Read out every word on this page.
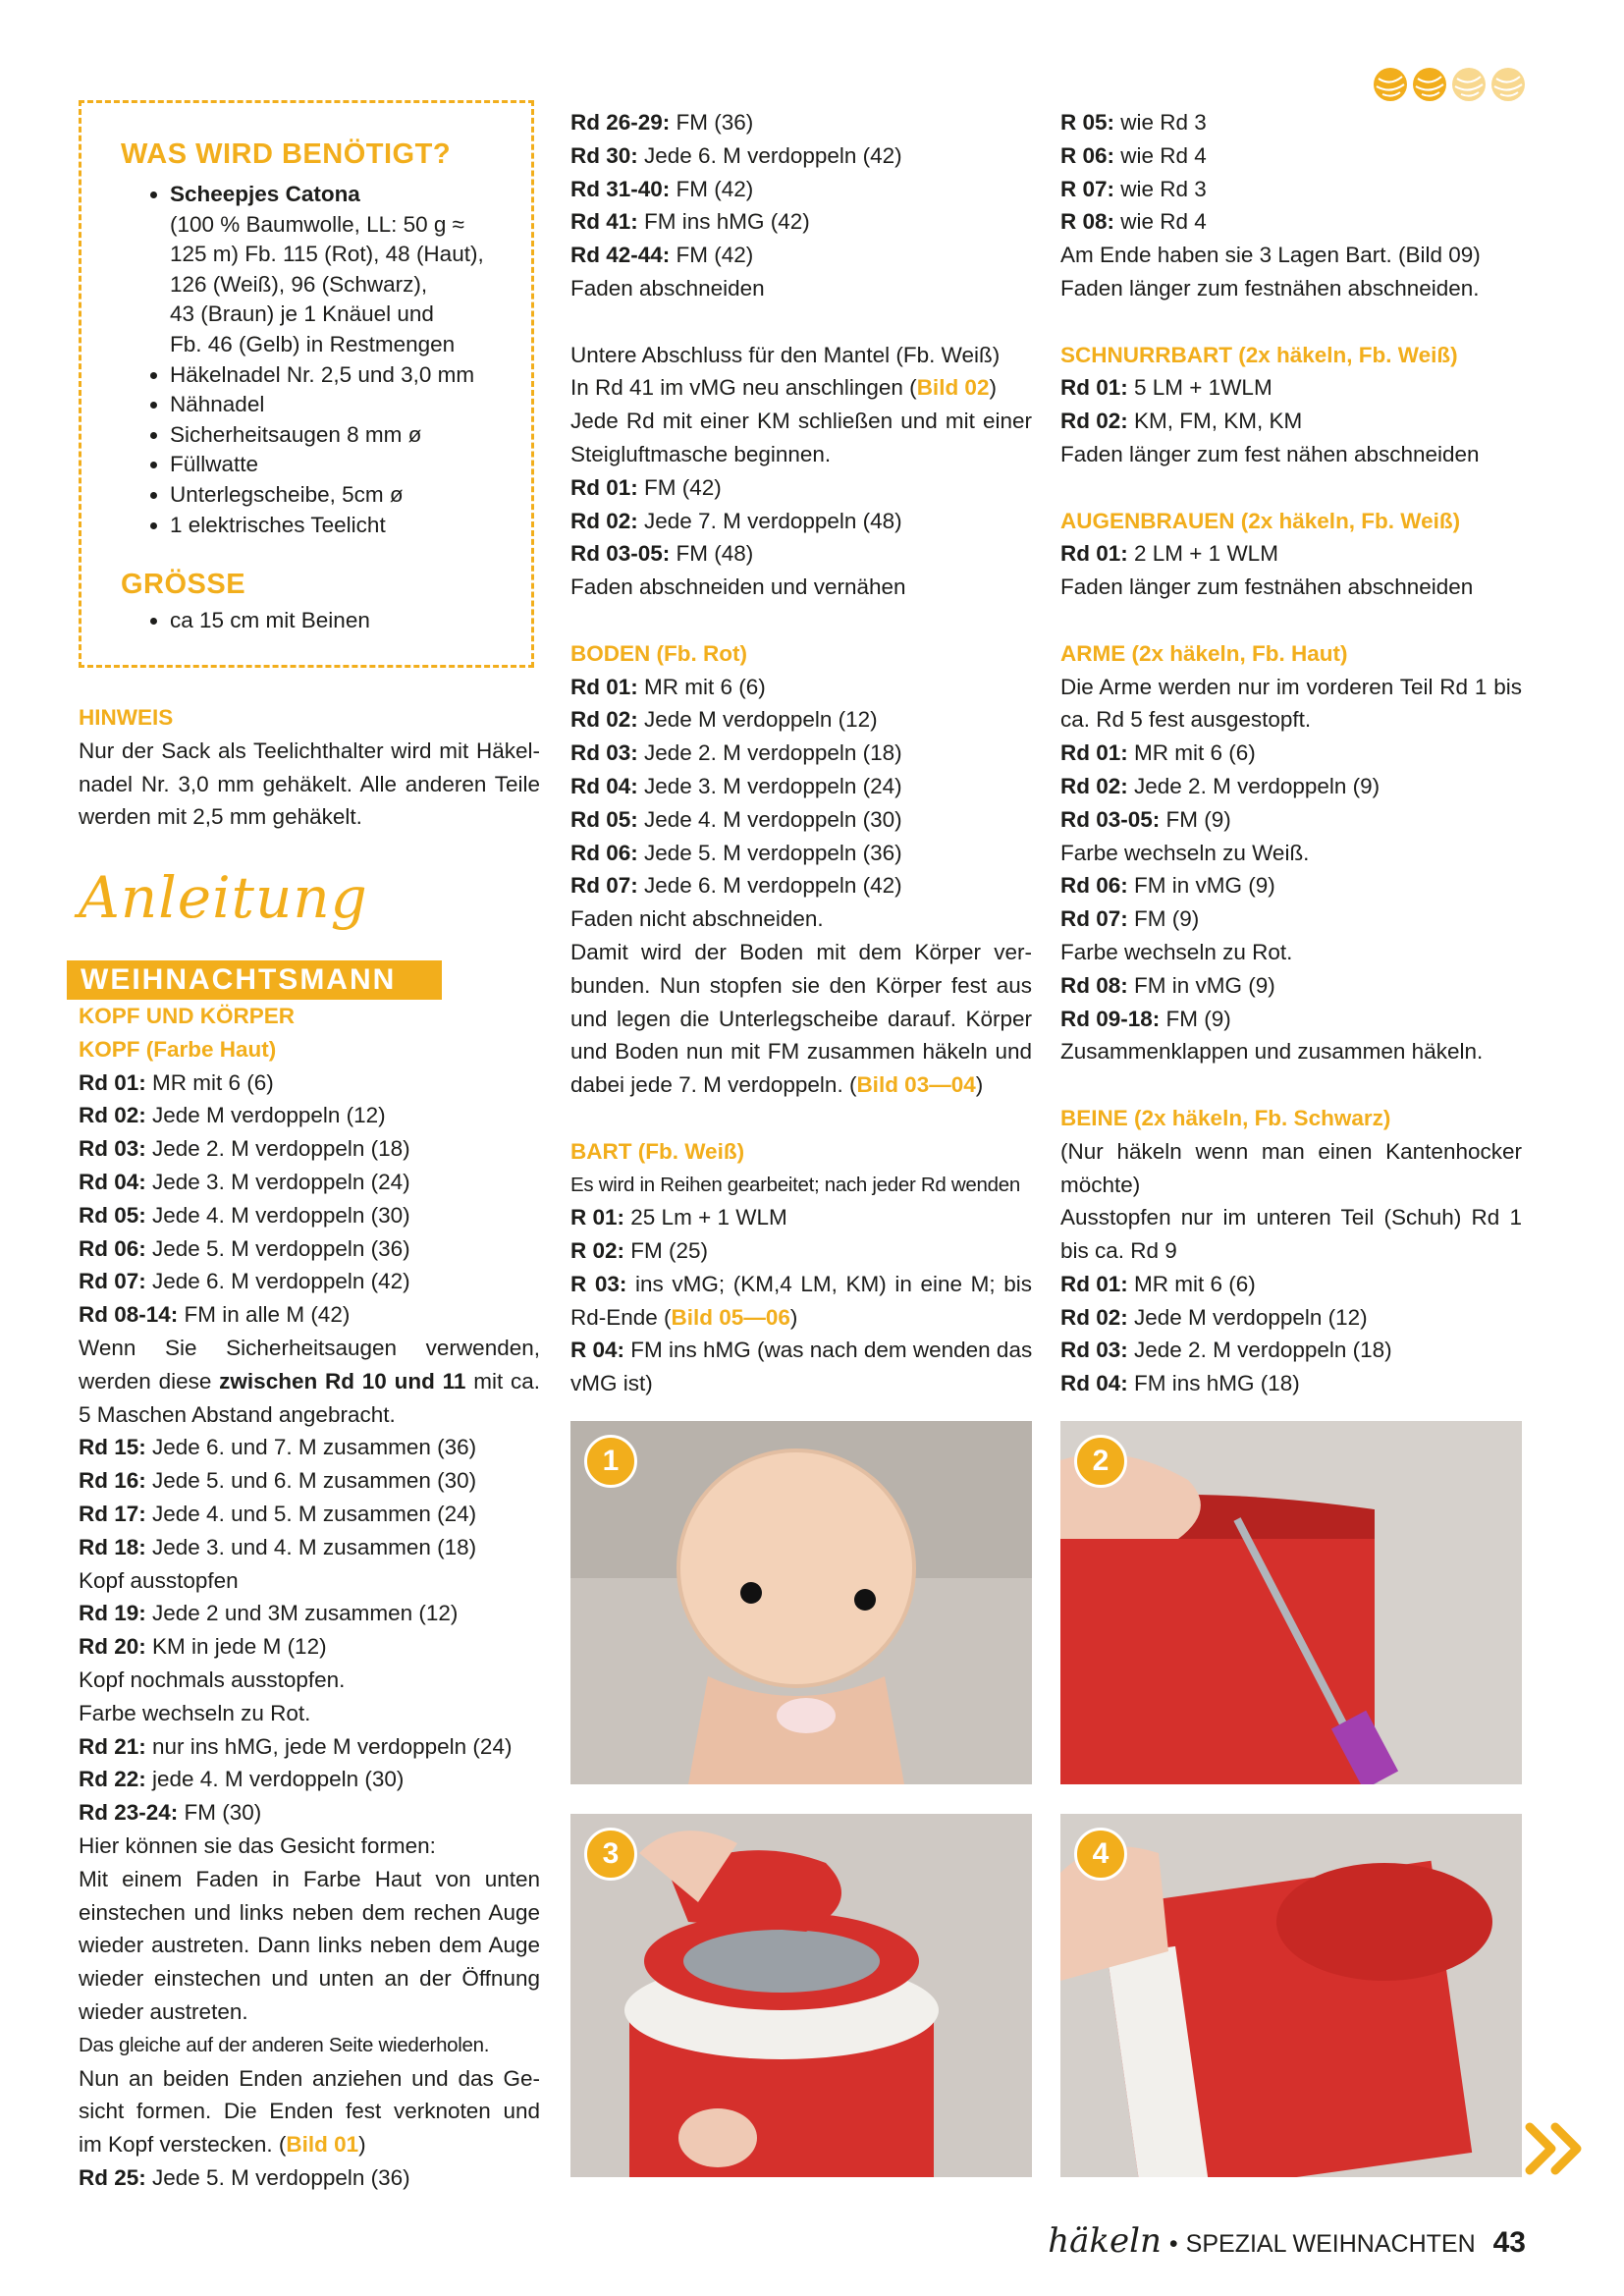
WAS WIRD BENÖTIGT?
• Scheepjes Catona
(100 % Baumwolle, LL: 50 g ≈
125 m) Fb. 115 (Rot), 48 (Haut),
126 (Weiß), 96 (Schwarz),
43 (Braun) je 1 Knäuel und
Fb. 46 (Gelb) in Restmengen
• Häkelnadel Nr. 2,5 und 3,0 mm
• Nähnadel
• Sicherheitsaugen 8 mm ø
• Füllwatte
• Unterlegscheibe, 5cm ø
• 1 elektrisches Teelicht
GRÖSSE
• ca 15 cm mit Beinen
HINWEIS
Nur der Sack als Teelichthalter wird mit Häkel-
nadel Nr. 3,0 mm gehäkelt. Alle anderen Teile
werden mit 2,5 mm gehäkelt.
Anleitung
WEIHNACHTSMANN
KOPF UND KÖRPER
KOPF (Farbe Haut)
Rd 01: MR mit 6 (6)
Rd 02: Jede M verdoppeln (12)
Rd 03: Jede 2. M verdoppeln (18)
Rd 04: Jede 3. M verdoppeln (24)
Rd 05: Jede 4. M verdoppeln (30)
Rd 06: Jede 5. M verdoppeln (36)
Rd 07: Jede 6. M verdoppeln (42)
Rd 08-14: FM in alle M (42)
Wenn Sie Sicherheitsaugen verwenden,
werden diese zwischen Rd 10 und 11 mit ca.
5 Maschen Abstand angebracht.
Rd 15: Jede 6. und 7. M zusammen (36)
Rd 16: Jede 5. und 6. M zusammen (30)
Rd 17: Jede 4. und 5. M zusammen (24)
Rd 18: Jede 3. und 4. M zusammen (18)
Kopf ausstopfen
Rd 19: Jede 2 und 3M zusammen (12)
Rd 20: KM in jede M (12)
Kopf nochmals ausstopfen.
Farbe wechseln zu Rot.
Rd 21: nur ins hMG, jede M verdoppeln (24)
Rd 22: jede 4. M verdoppeln (30)
Rd 23-24: FM (30)
Hier können sie das Gesicht formen:
Mit einem Faden in Farbe Haut von unten
einstechen und links neben dem rechen Auge
wieder austreten. Dann links neben dem Auge
wieder einstechen und unten an der Öffnung
wieder austreten.
Das gleiche auf der anderen Seite wiederholen.
Nun an beiden Enden anziehen und das Ge-
sicht formen. Die Enden fest verknoten und
im Kopf verstecken. (Bild 01)
Rd 25: Jede 5. M verdoppeln (36)
Rd 26-29: FM (36)
Rd 30: Jede 6. M verdoppeln (42)
Rd 31-40: FM (42)
Rd 41: FM ins hMG (42)
Rd 42-44: FM (42)
Faden abschneiden
Untere Abschluss für den Mantel (Fb. Weiß)
In Rd 41 im vMG neu anschlingen (Bild 02)
Jede Rd mit einer KM schließen und mit einer
Steigluftmasche beginnen.
Rd 01: FM (42)
Rd 02: Jede 7. M verdoppeln (48)
Rd 03-05: FM (48)
Faden abschneiden und vernähen
BODEN (Fb. Rot)
Rd 01: MR mit 6 (6)
Rd 02: Jede M verdoppeln (12)
Rd 03: Jede 2. M verdoppeln (18)
Rd 04: Jede 3. M verdoppeln (24)
Rd 05: Jede 4. M verdoppeln (30)
Rd 06: Jede 5. M verdoppeln (36)
Rd 07: Jede 6. M verdoppeln (42)
Faden nicht abschneiden.
Damit wird der Boden mit dem Körper ver-
bunden. Nun stopfen sie den Körper fest aus
und legen die Unterlegscheibe darauf. Körper
und Boden nun mit FM zusammen häkeln und
dabei jede 7. M verdoppeln. (Bild 03—04)
BART (Fb. Weiß)
Es wird in Reihen gearbeitet; nach jeder Rd wenden
R 01: 25 Lm + 1 WLM
R 02: FM (25)
R 03: ins vMG; (KM,4 LM, KM) in eine M; bis
Rd-Ende (Bild 05—06)
R 04: FM ins hMG (was nach dem wenden das
vMG ist)
R 05: wie Rd 3
R 06: wie Rd 4
R 07: wie Rd 3
R 08: wie Rd 4
Am Ende haben sie 3 Lagen Bart. (Bild 09)
Faden länger zum festnähen abschneiden.
SCHNURRBART (2x häkeln, Fb. Weiß)
Rd 01: 5 LM + 1WLM
Rd 02: KM, FM, KM, KM
Faden länger zum fest nähen abschneiden
AUGENBRAUEN (2x häkeln, Fb. Weiß)
Rd 01: 2 LM + 1 WLM
Faden länger zum festnähen abschneiden
ARME (2x häkeln, Fb. Haut)
Die Arme werden nur im vorderen Teil Rd 1 bis
ca. Rd 5 fest ausgestopft.
Rd 01: MR mit 6 (6)
Rd 02: Jede 2. M verdoppeln (9)
Rd 03-05: FM (9)
Farbe wechseln zu Weiß.
Rd 06: FM in vMG (9)
Rd 07: FM (9)
Farbe wechseln zu Rot.
Rd 08: FM in vMG (9)
Rd 09-18: FM (9)
Zusammenklappen und zusammen häkeln.
BEINE (2x häkeln, Fb. Schwarz)
(Nur häkeln wenn man einen Kantenhocker
möchte)
Ausstopfen nur im unteren Teil (Schuh) Rd 1
bis ca. Rd 9
Rd 01: MR mit 6 (6)
Rd 02: Jede M verdoppeln (12)
Rd 03: Jede 2. M verdoppeln (18)
Rd 04: FM ins hMG (18)
1	2
3	4
häkeln • SPEZIAL WEIHNACHTEN 43
